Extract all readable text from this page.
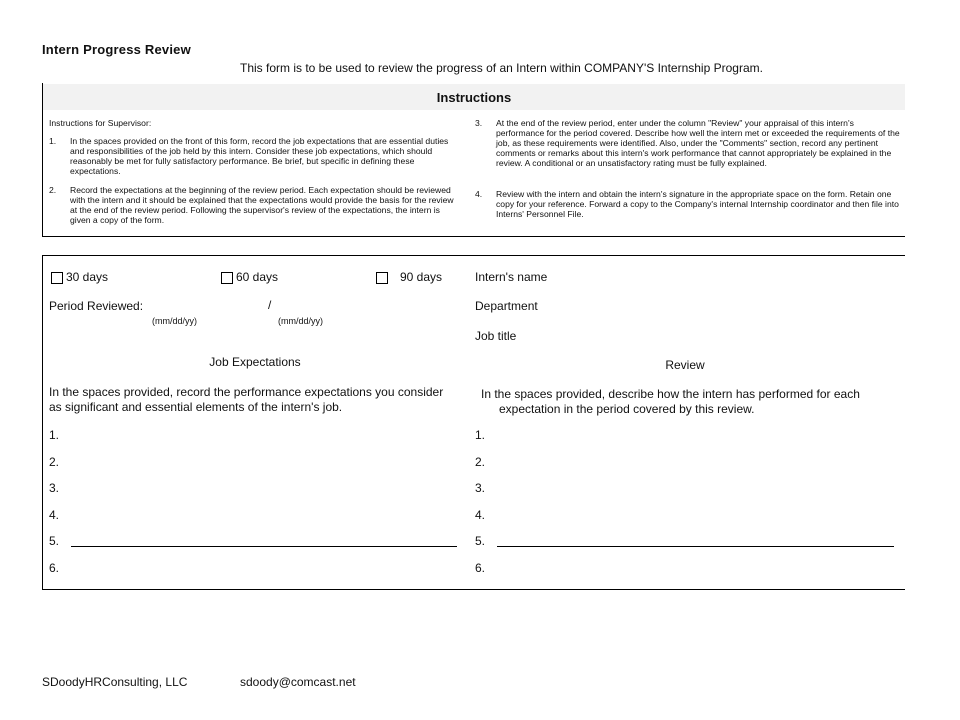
Intern Progress Review
This form is to be used to review the progress of an Intern within COMPANY'S Internship Program.
Instructions
Instructions for Supervisor:
1. In the spaces provided on the front of this form, record the job expectations that are essential duties and responsibilities of the job held by this intern. Consider these job expectations, which should reasonably be met for fully satisfactory performance. Be brief, but specific in defining these expectations.
2. Record the expectations at the beginning of the review period. Each expectation should be reviewed with the intern and it should be explained that the expectations would provide the basis for the review at the end of the review period. Following the supervisor's review of the expectations, the intern is given a copy of the form.
3. At the end of the review period, enter under the column "Review" your appraisal of this intern's performance for the period covered. Describe how well the intern met or exceeded the requirements of the job, as these requirements were identified. Also, under the "Comments" section, record any pertinent comments or remarks about this intern's work performance that cannot appropriately be explained in the review. A conditional or an unsatisfactory rating must be fully explained.
4. Review with the intern and obtain the intern's signature in the appropriate space on the form. Retain one copy for your reference. Forward a copy to the Company's internal Internship coordinator and then file into Interns' Personnel File.
30 days	60 days	90 days	Intern's name
Department
Job title
Period Reviewed:	/
(mm/dd/yy)	(mm/dd/yy)
Job Expectations
In the spaces provided, record the performance expectations you consider as significant and essential elements of the intern's job.
Review
In the spaces provided, describe how the intern has performed for each expectation in the period covered by this review.
1.
2.
3.
4.
5.
6.
1.
2.
3.
4.
5.
6.
SDoodyHRConsulting, LLC	sdoody@comcast.net
